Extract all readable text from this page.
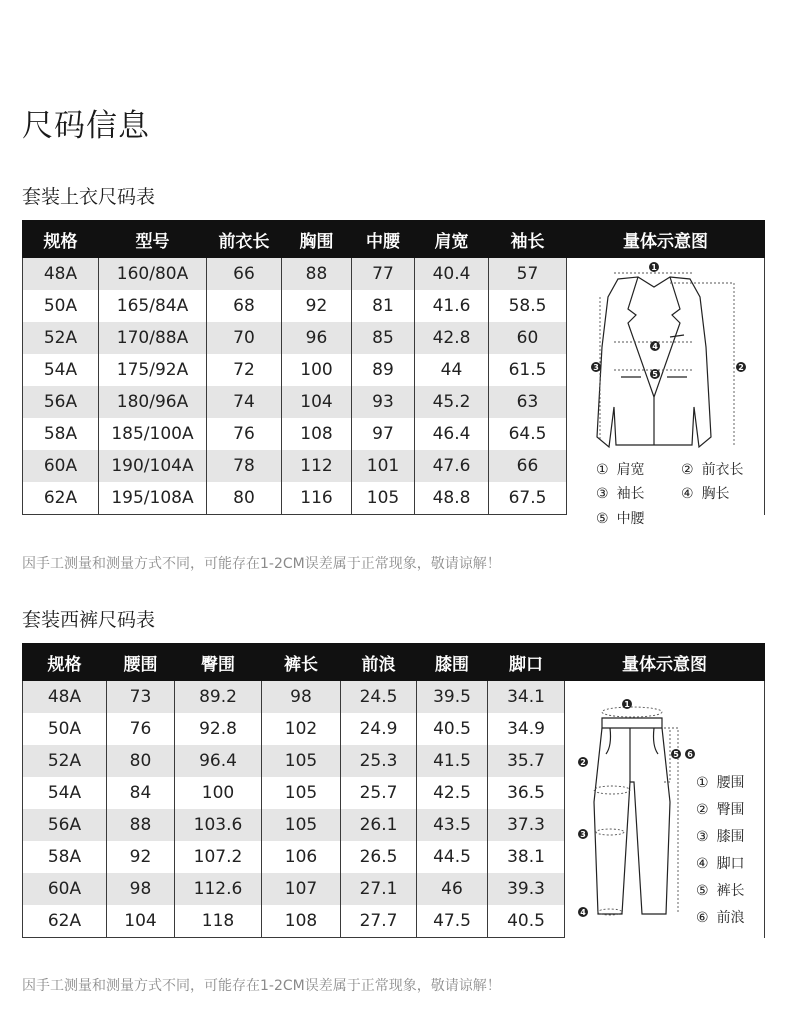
尺码信息
套装上衣尺码表
规格	型号	前衣长	胸围	中腰	肩宽	袖长	量体示意图
48A	160/80A	66	88	77	40.4	57	
50A	165/84A	68	92	81	41.6	58.5	
52A	170/88A	70	96	85	42.8	60	
54A	175/92A	72	100	89	44	61.5	
56A	180/96A	74	104	93	45.2	63	
58A	185/100A	76	108	97	46.4	64.5	
60A	190/104A	78	112	101	47.6	66	
62A	195/108A	80	116	105	48.8	67.5	
1
2
3
4
5
① 肩宽	② 前衣长
③ 袖长	④ 胸长
⑤ 中腰
因手工测量和测量方式不同，可能存在1-2CM误差属于正常现象，敬请谅解！
套装西裤尺码表
规格	腰围	臀围	裤长	前浪	膝围	脚口	量体示意图
48A	73	89.2	98	24.5	39.5	34.1	
50A	76	92.8	102	24.9	40.5	34.9	
52A	80	96.4	105	25.3	41.5	35.7	
54A	84	100	105	25.7	42.5	36.5	
56A	88	103.6	105	26.1	43.5	37.3	
58A	92	107.2	106	26.5	44.5	38.1	
60A	98	112.6	107	27.1	46	39.3	
62A	104	118	108	27.7	47.5	40.5	
1
2
3
4
5 6
① 腰围
② 臀围
③ 膝围
④ 脚口
⑤ 裤长
⑥ 前浪
因手工测量和测量方式不同，可能存在1-2CM误差属于正常现象，敬请谅解！
